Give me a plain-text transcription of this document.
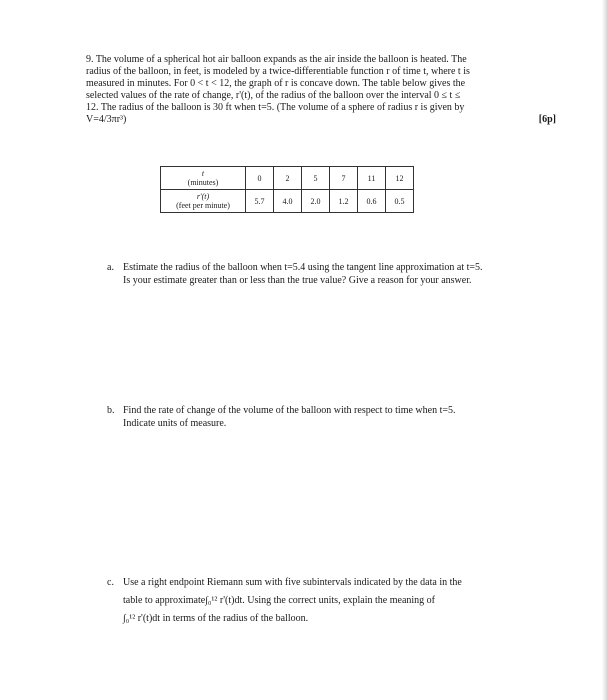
9. The volume of a spherical hot air balloon expands as the air inside the balloon is heated. The

radius of the balloon, in feet, is modeled by a twice-differentiable function r of time t, where t is

measured in minutes. For 0 < t < 12, the graph of r is concave down. The table below gives the

selected values of the rate of change, r'(t), of the radius of the balloon over the interval 0 ≤ t ≤

12. The radius of the balloon is 30 ft when t=5. (The volume of a sphere of radius r is given by

V=4/3πr³)	[6p]

t
(minutes)	0	2	5	7	11	12
r'(t)
(feet per minute)	5.7	4.0	2.0	1.2	0.6	0.5
a. Estimate the radius of the balloon when t=5.4 using the tangent line approximation at t=5.
Is your estimate greater than or less than the true value? Give a reason for your answer.
b. Find the rate of change of the volume of the balloon with respect to time when t=5.
Indicate units of measure.
c. Use a right endpoint Riemann sum with five subintervals indicated by the data in the
table to approximate∫₀¹² r'(t)dt. Using the correct units, explain the meaning of
∫₀¹² r'(t)dt in terms of the radius of the balloon.
